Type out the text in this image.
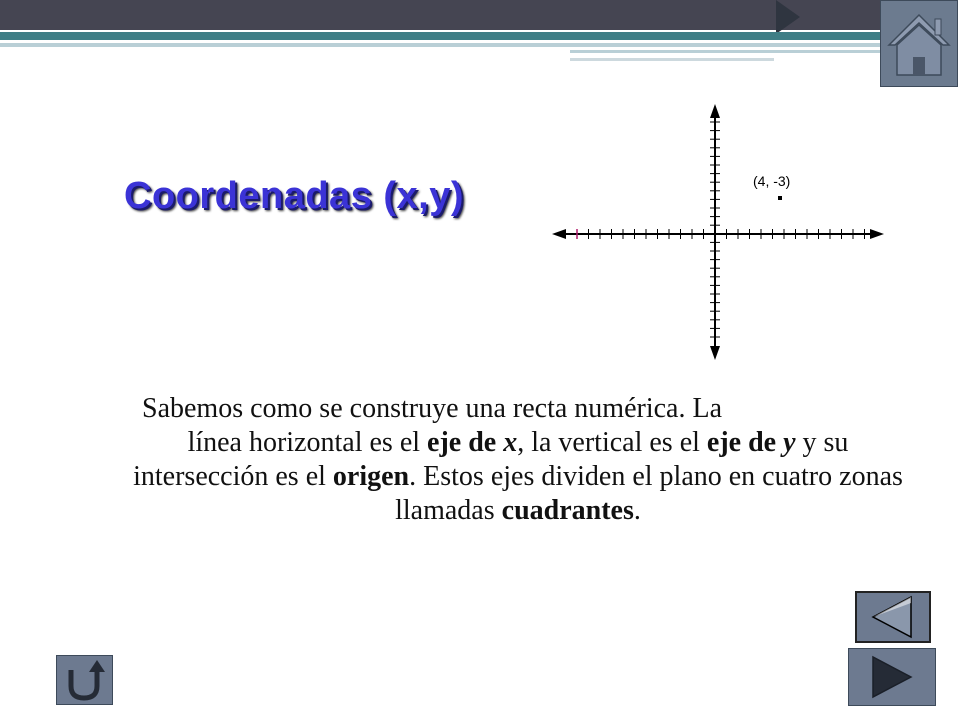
Coordenadas (x,y)	(4, -3)

Sabemos como se construye una recta numérica. La
línea horizontal es el eje de x, la vertical es el eje de y y su intersección es el origen. Estos ejes dividen el plano en cuatro zonas llamadas cuadrantes.
